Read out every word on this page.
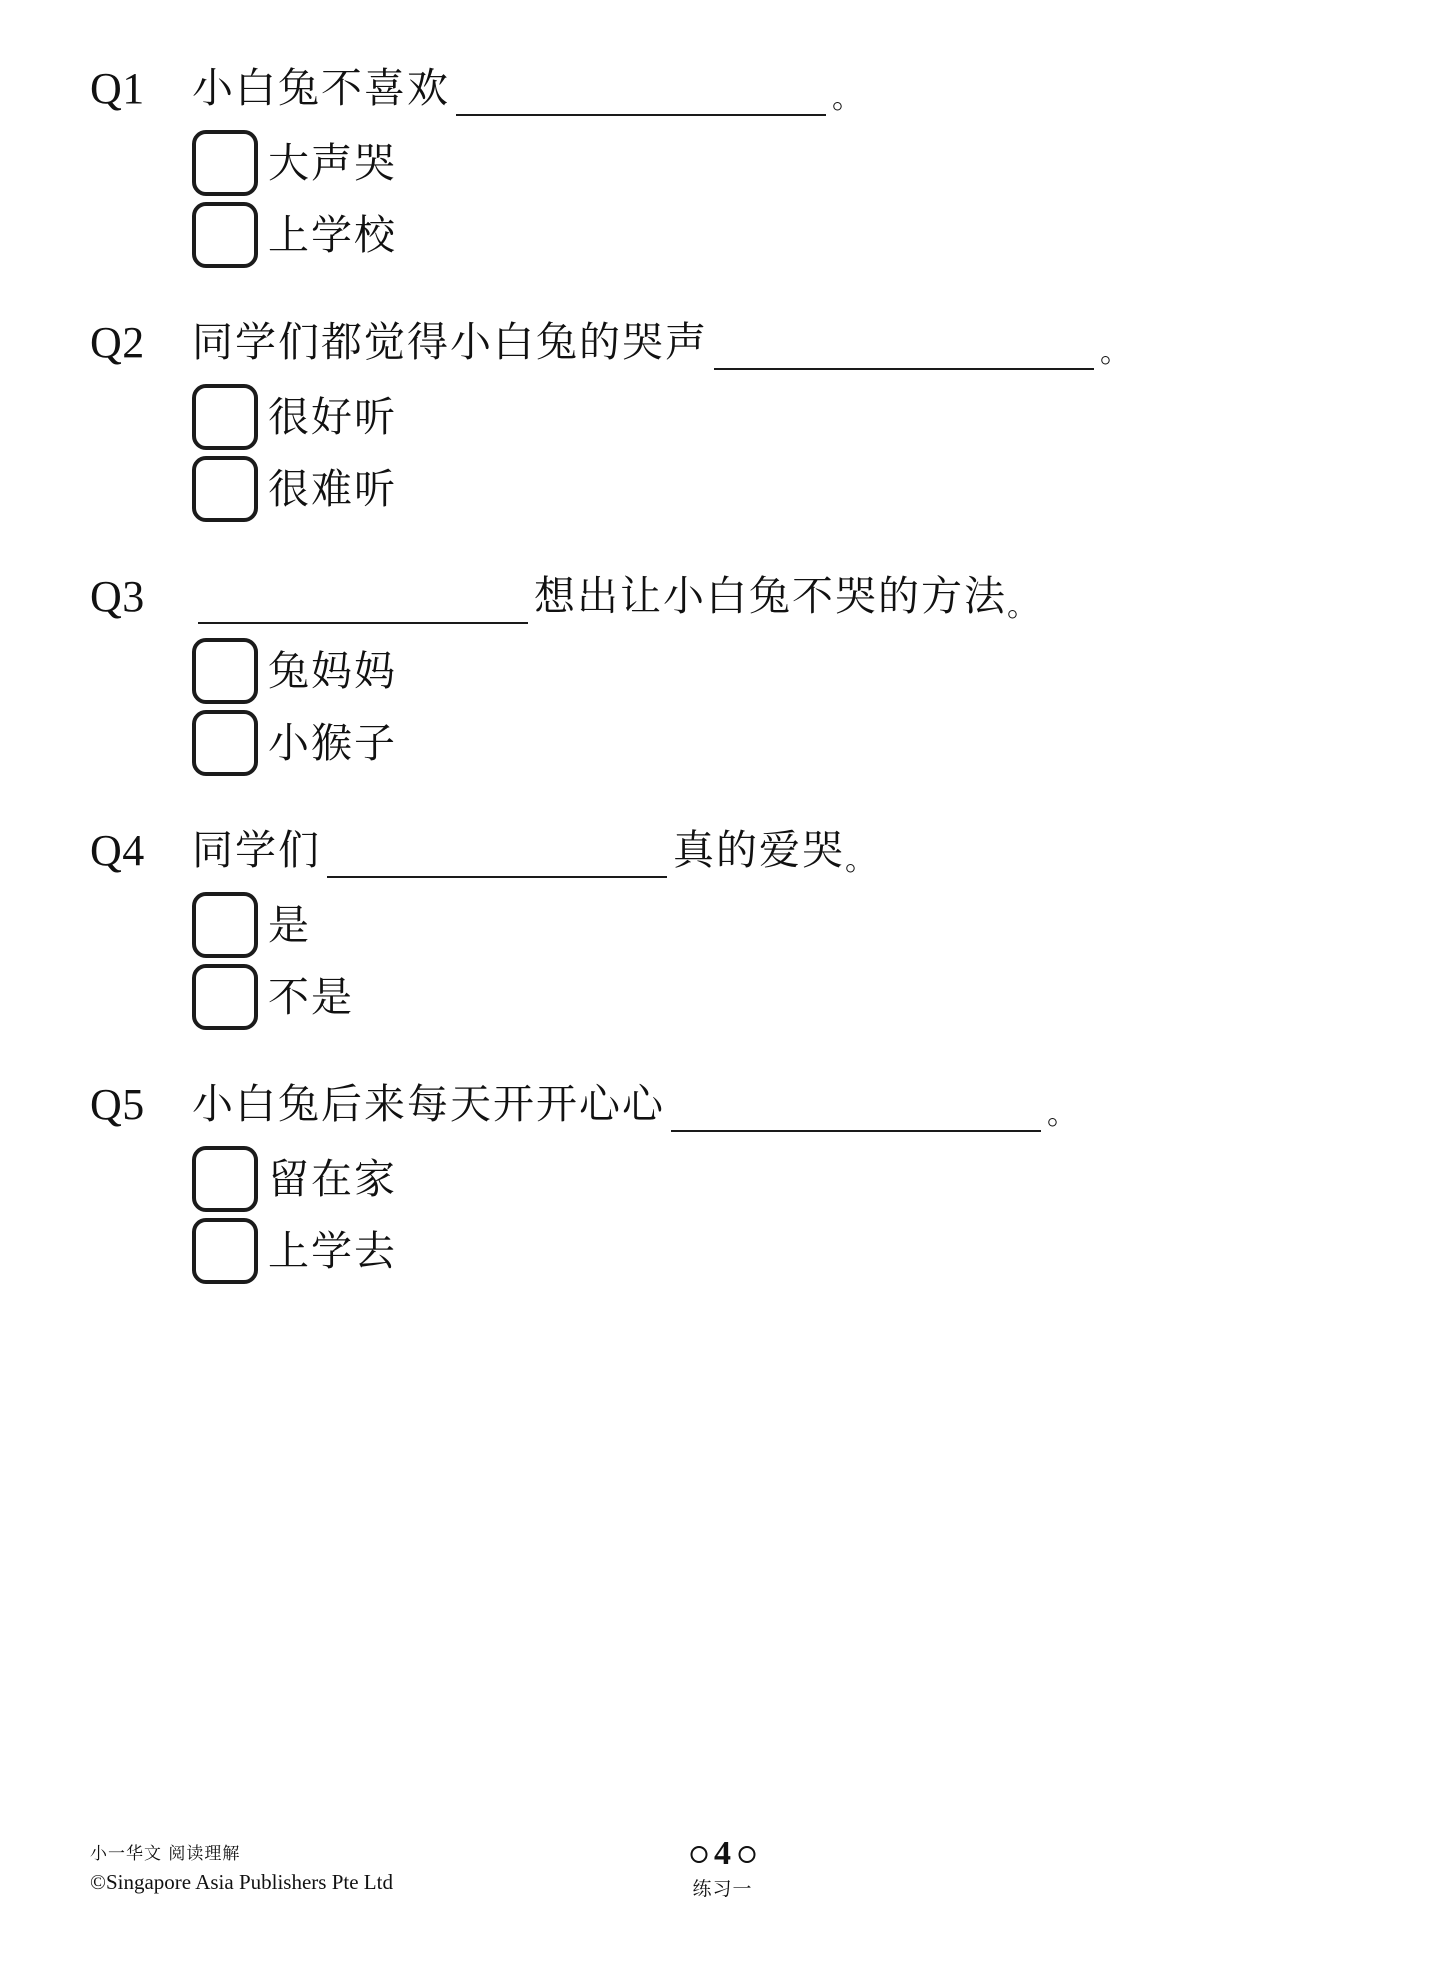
Q1	小白兔不喜欢	。
大声哭
上学校
Q2	同学们都觉得小白兔的哭声	。
很好听
很难听
Q3	想出让小白兔不哭的方法 。
兔妈妈
小猴子
Q4	同学们	真的爱哭 。
是
不是
Q5	小白兔后来每天开开心心	。
留在家
上学去
小一华文 阅读理解
©Singapore Asia Publishers Pte Ltd
4
练习一
